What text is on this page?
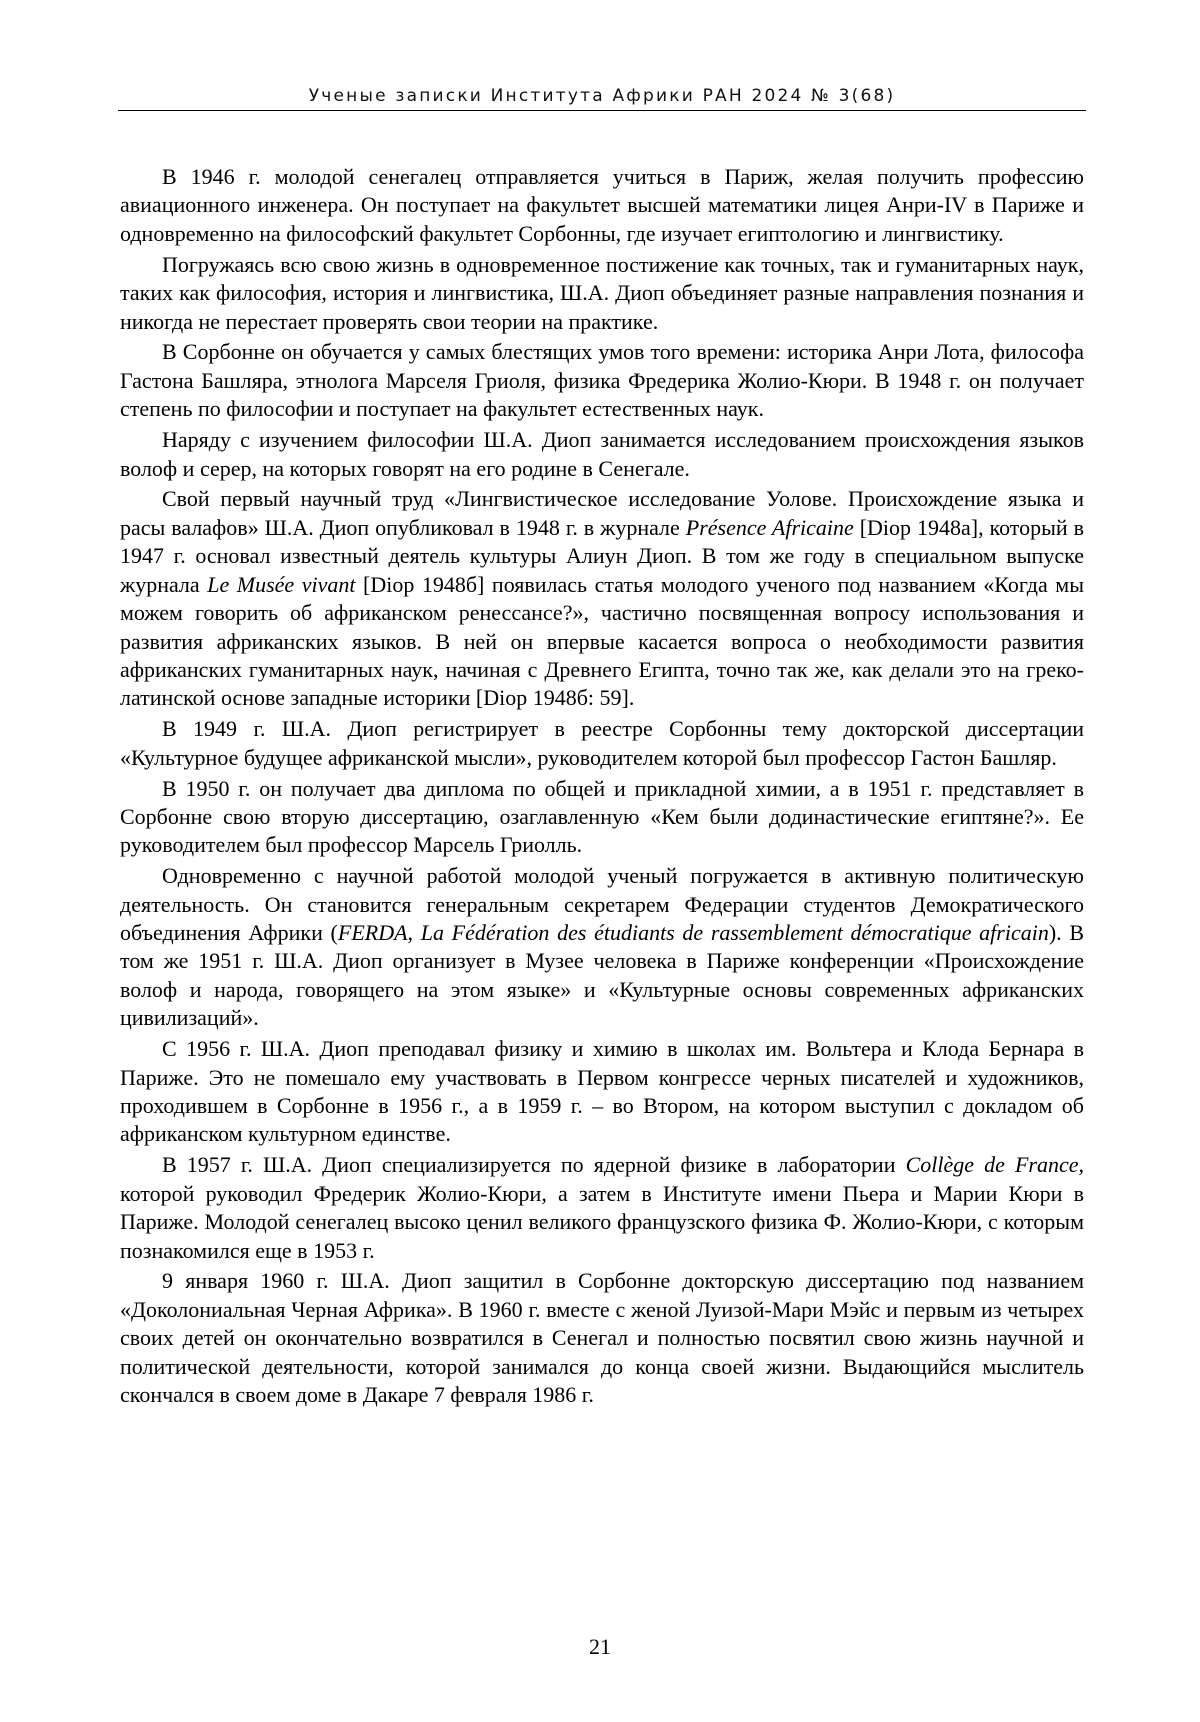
Ученые записки Института Африки РАН 2024 № 3(68)

В 1946 г. молодой сенегалец отправляется учиться в Париж, желая получить профессию авиационного инженера. Он поступает на факультет высшей математики лицея Анри-IV в Париже и одновременно на философский факультет Сорбонны, где изучает египтологию и лингвистику.

Погружаясь всю свою жизнь в одновременное постижение как точных, так и гуманитарных наук, таких как философия, история и лингвистика, Ш.А. Диоп объединяет разные направления познания и никогда не перестает проверять свои теории на практике.

В Сорбонне он обучается у самых блестящих умов того времени: историка Анри Лота, философа Гастона Башляра, этнолога Марселя Гриоля, физика Фредерика Жолио-Кюри. В 1948 г. он получает степень по философии и поступает на факультет естественных наук.

Наряду с изучением философии Ш.А. Диоп занимается исследованием происхождения языков волоф и серер, на которых говорят на его родине в Сенегале.

Свой первый научный труд «Лингвистическое исследование Уолове. Происхождение языка и расы валафов» Ш.А. Диоп опубликовал в 1948 г. в журнале Présence Africaine [Diop 1948а], который в 1947 г. основал известный деятель культуры Алиун Диоп. В том же году в специальном выпуске журнала Le Musée vivant [Diop 1948б] появилась статья молодого ученого под названием «Когда мы можем говорить об африканском ренессансе?», частично посвященная вопросу использования и развития африканских языков. В ней он впервые касается вопроса о необходимости развития африканских гуманитарных наук, начиная с Древнего Египта, точно так же, как делали это на греко-латинской основе западные историки [Diop 1948б: 59].

В 1949 г. Ш.А. Диоп регистрирует в реестре Сорбонны тему докторской диссертации «Культурное будущее африканской мысли», руководителем которой был профессор Гастон Башляр.

В 1950 г. он получает два диплома по общей и прикладной химии, а в 1951 г. представляет в Сорбонне свою вторую диссертацию, озаглавленную «Кем были додинастические египтяне?». Ее руководителем был профессор Марсель Гриолль.

Одновременно с научной работой молодой ученый погружается в активную политическую деятельность. Он становится генеральным секретарем Федерации студентов Демократического объединения Африки (FERDA, La Fédération des étudiants de rassemblement démocratique africain). В том же 1951 г. Ш.А. Диоп организует в Музее человека в Париже конференции «Происхождение волоф и народа, говорящего на этом языке» и «Культурные основы современных африканских цивилизаций».

С 1956 г. Ш.А. Диоп преподавал физику и химию в школах им. Вольтера и Клода Бернара в Париже. Это не помешало ему участвовать в Первом конгрессе черных писателей и художников, проходившем в Сорбонне в 1956 г., а в 1959 г. – во Втором, на котором выступил с докладом об африканском культурном единстве.

В 1957 г. Ш.А. Диоп специализируется по ядерной физике в лаборатории Collège de France, которой руководил Фредерик Жолио-Кюри, а затем в Институте имени Пьера и Марии Кюри в Париже. Молодой сенегалец высоко ценил великого французского физика Ф. Жолио-Кюри, с которым познакомился еще в 1953 г.

9 января 1960 г. Ш.А. Диоп защитил в Сорбонне докторскую диссертацию под названием «Доколониальная Черная Африка». В 1960 г. вместе с женой Луизой-Мари Мэйс и первым из четырех своих детей он окончательно возвратился в Сенегал и полностью посвятил свою жизнь научной и политической деятельности, которой занимался до конца своей жизни. Выдающийся мыслитель скончался в своем доме в Дакаре 7 февраля 1986 г.

21
